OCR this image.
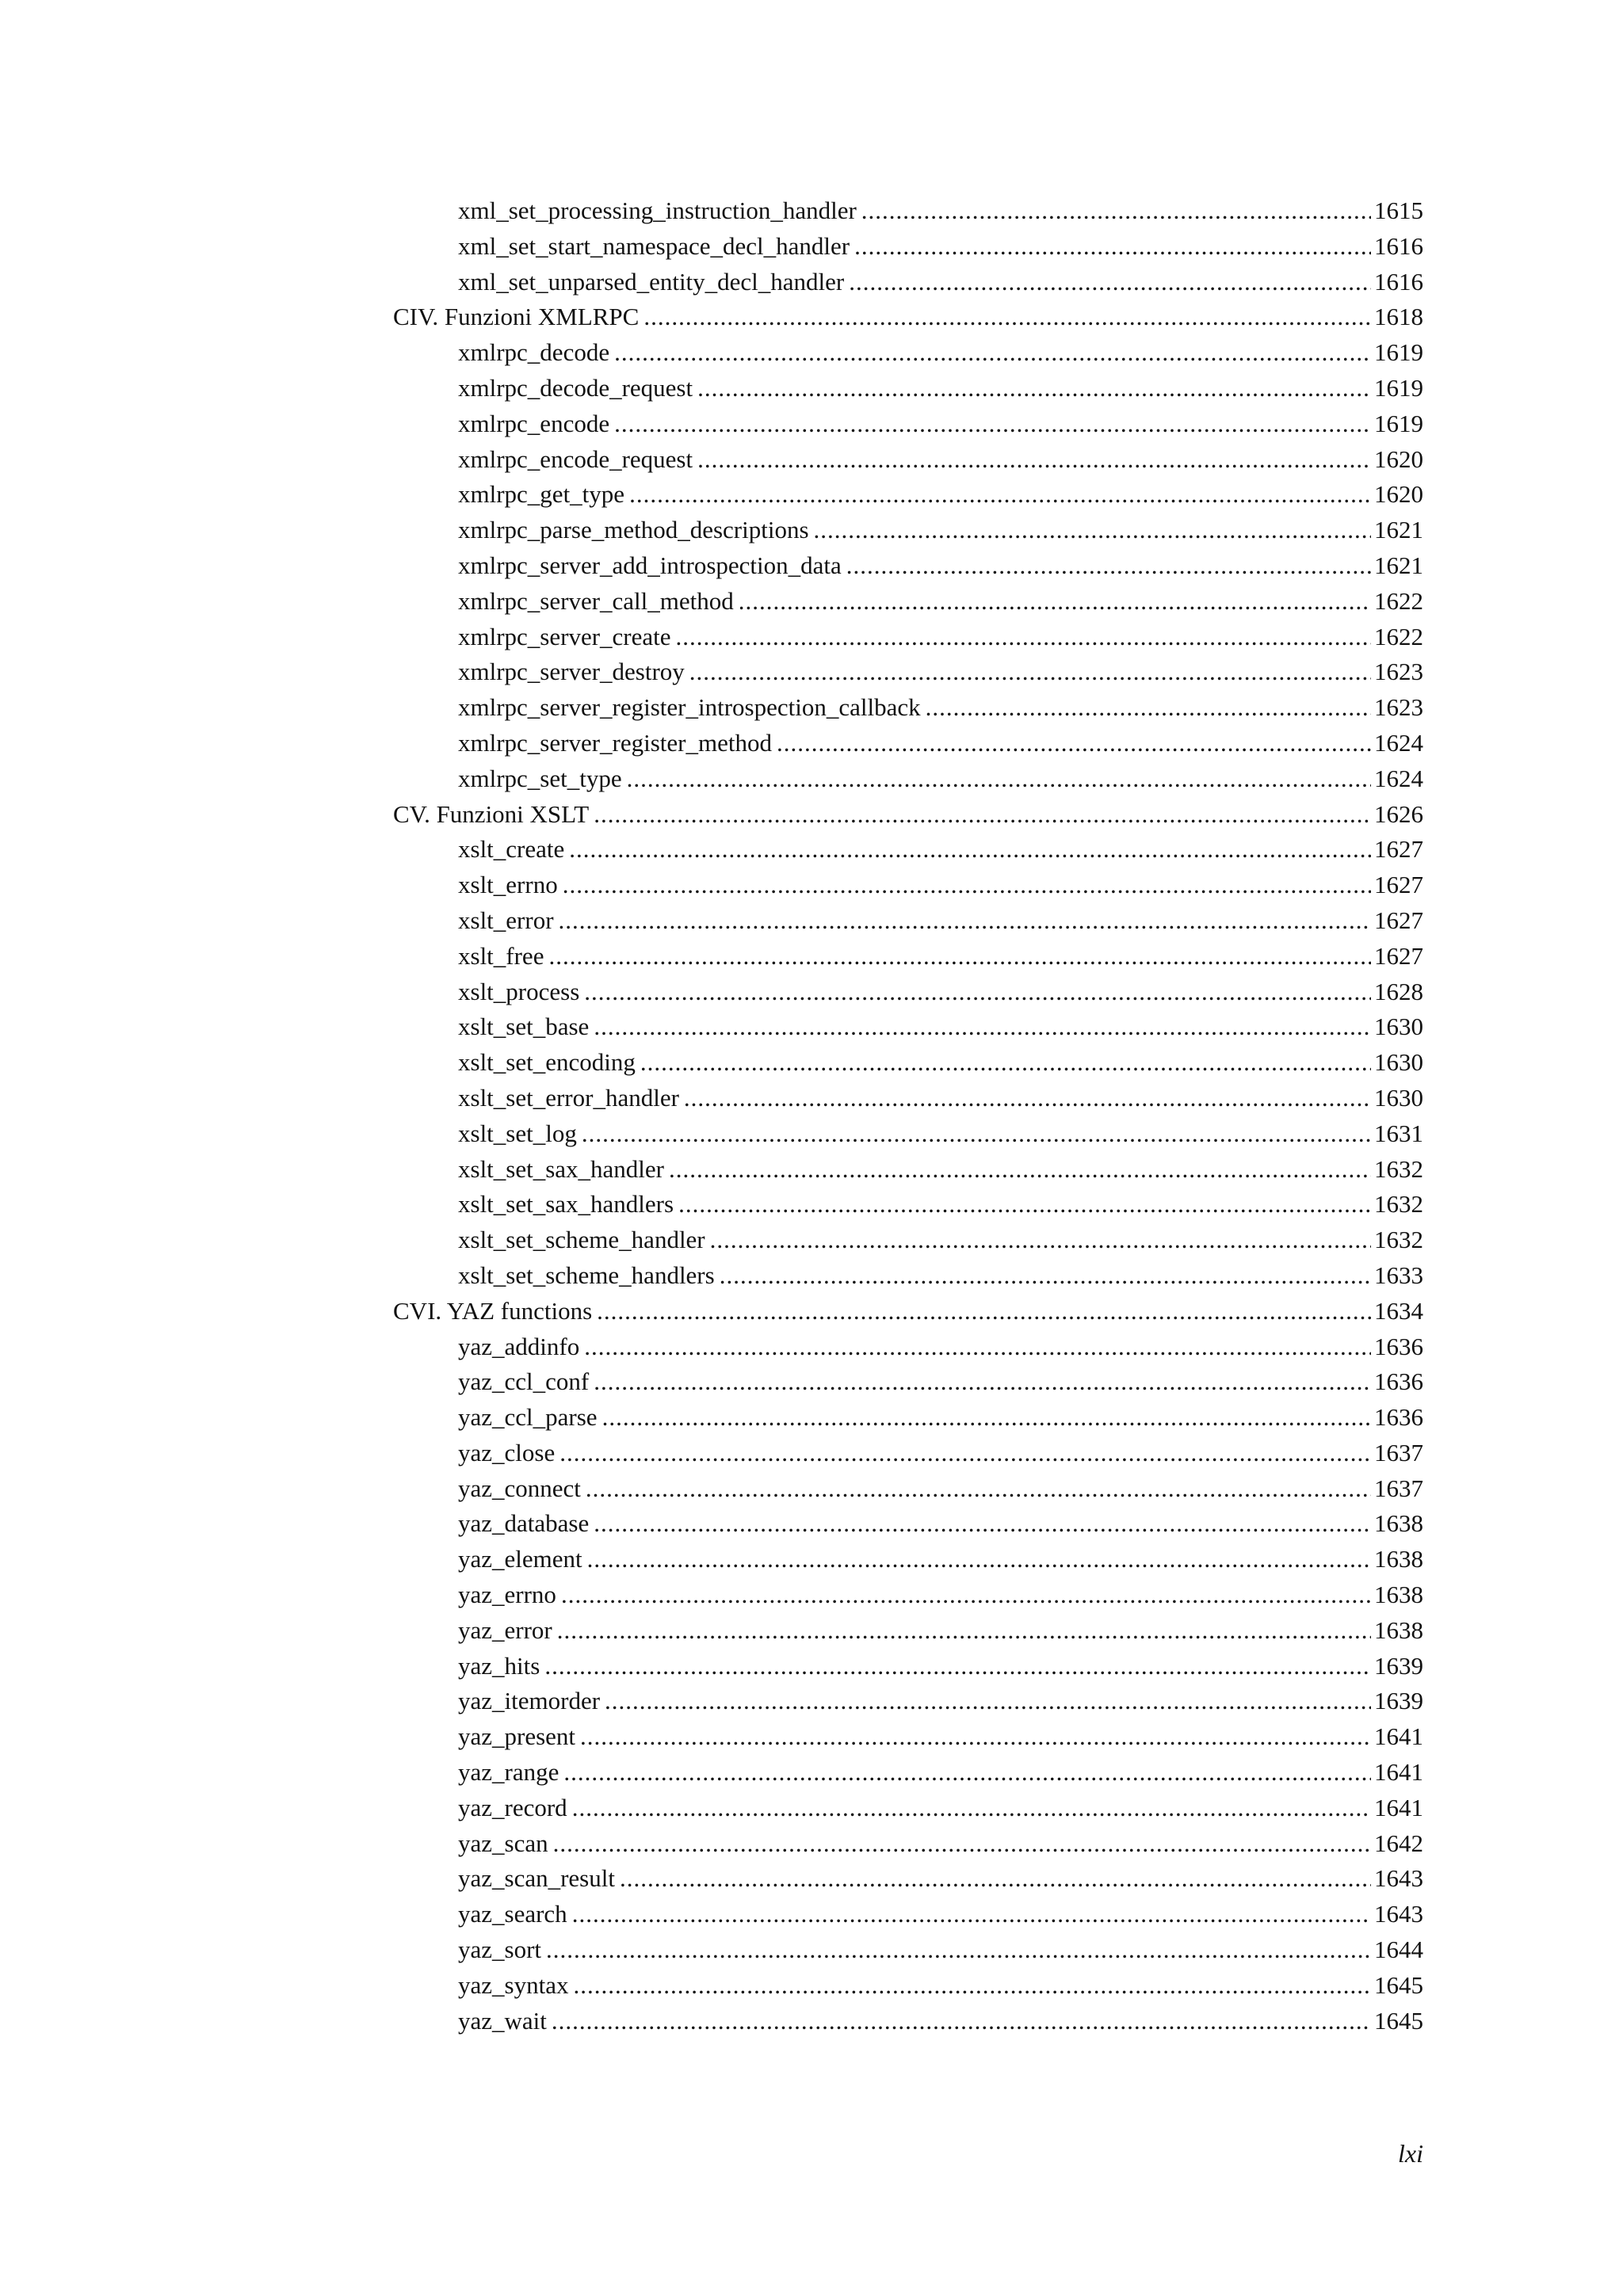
xml_set_processing_instruction_handler .....	1615
xml_set_start_namespace_decl_handler .....	1616
xml_set_unparsed_entity_decl_handler .....	1616
CIV. Funzioni XMLRPC .....	1618
xmlrpc_decode .....	1619
xmlrpc_decode_request .....	1619
xmlrpc_encode .....	1619
xmlrpc_encode_request .....	1620
xmlrpc_get_type .....	1620
xmlrpc_parse_method_descriptions .....	1621
xmlrpc_server_add_introspection_data .....	1621
xmlrpc_server_call_method .....	1622
xmlrpc_server_create .....	1622
xmlrpc_server_destroy .....	1623
xmlrpc_server_register_introspection_callback .....	1623
xmlrpc_server_register_method .....	1624
xmlrpc_set_type .....	1624
CV. Funzioni XSLT .....	1626
xslt_create .....	1627
xslt_errno .....	1627
xslt_error .....	1627
xslt_free .....	1627
xslt_process .....	1628
xslt_set_base .....	1630
xslt_set_encoding .....	1630
xslt_set_error_handler .....	1630
xslt_set_log .....	1631
xslt_set_sax_handler .....	1632
xslt_set_sax_handlers .....	1632
xslt_set_scheme_handler .....	1632
xslt_set_scheme_handlers .....	1633
CVI. YAZ functions .....	1634
yaz_addinfo .....	1636
yaz_ccl_conf .....	1636
yaz_ccl_parse .....	1636
yaz_close .....	1637
yaz_connect .....	1637
yaz_database .....	1638
yaz_element .....	1638
yaz_errno .....	1638
yaz_error .....	1638
yaz_hits .....	1639
yaz_itemorder .....	1639
yaz_present .....	1641
yaz_range .....	1641
yaz_record .....	1641
yaz_scan .....	1642
yaz_scan_result .....	1643
yaz_search .....	1643
yaz_sort .....	1644
yaz_syntax .....	1645
yaz_wait .....	1645
lxi
